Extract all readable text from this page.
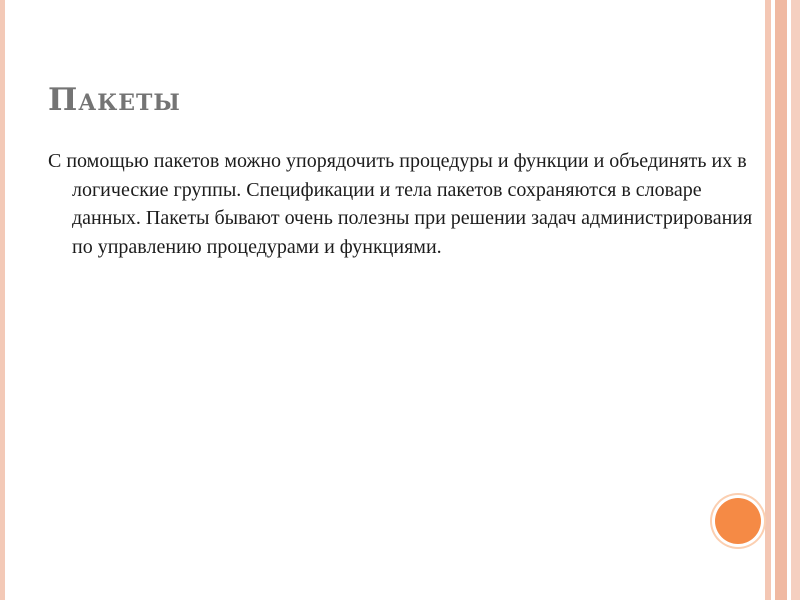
Пакеты

С помощью пакетов можно упорядочить процедуры и функции и объединять их в логические группы. Спецификации и тела пакетов сохраняются в словаре данных. Пакеты бывают очень полезны при решении задач администрирования по управлению процедурами и функциями.
